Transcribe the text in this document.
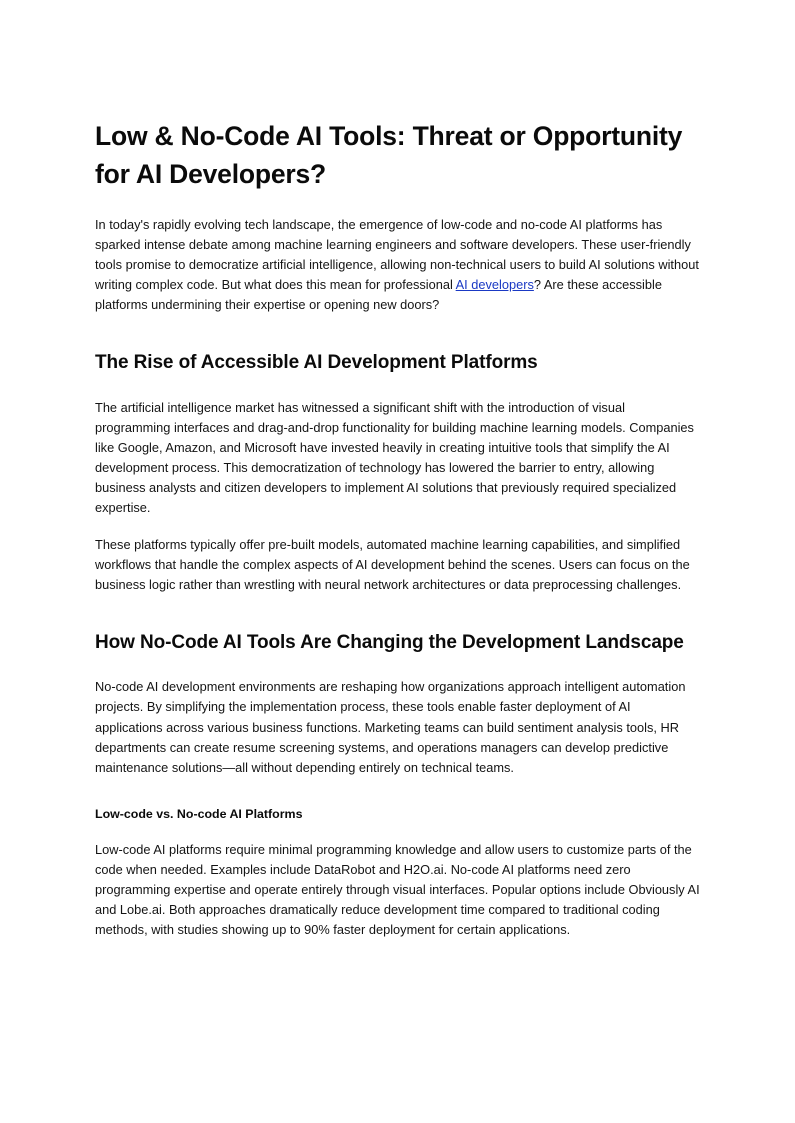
Low & No-Code AI Tools: Threat or Opportunity for AI Developers?

In today's rapidly evolving tech landscape, the emergence of low-code and no-code AI platforms has sparked intense debate among machine learning engineers and software developers. These user-friendly tools promise to democratize artificial intelligence, allowing non-technical users to build AI solutions without writing complex code. But what does this mean for professional AI developers? Are these accessible platforms undermining their expertise or opening new doors?

The Rise of Accessible AI Development Platforms

The artificial intelligence market has witnessed a significant shift with the introduction of visual programming interfaces and drag-and-drop functionality for building machine learning models. Companies like Google, Amazon, and Microsoft have invested heavily in creating intuitive tools that simplify the AI development process. This democratization of technology has lowered the barrier to entry, allowing business analysts and citizen developers to implement AI solutions that previously required specialized expertise.

These platforms typically offer pre-built models, automated machine learning capabilities, and simplified workflows that handle the complex aspects of AI development behind the scenes. Users can focus on the business logic rather than wrestling with neural network architectures or data preprocessing challenges.

How No-Code AI Tools Are Changing the Development Landscape

No-code AI development environments are reshaping how organizations approach intelligent automation projects. By simplifying the implementation process, these tools enable faster deployment of AI applications across various business functions. Marketing teams can build sentiment analysis tools, HR departments can create resume screening systems, and operations managers can develop predictive maintenance solutions—all without depending entirely on technical teams.

Low-code vs. No-code AI Platforms

Low-code AI platforms require minimal programming knowledge and allow users to customize parts of the code when needed. Examples include DataRobot and H2O.ai. No-code AI platforms need zero programming expertise and operate entirely through visual interfaces. Popular options include Obviously AI and Lobe.ai. Both approaches dramatically reduce development time compared to traditional coding methods, with studies showing up to 90% faster deployment for certain applications.
